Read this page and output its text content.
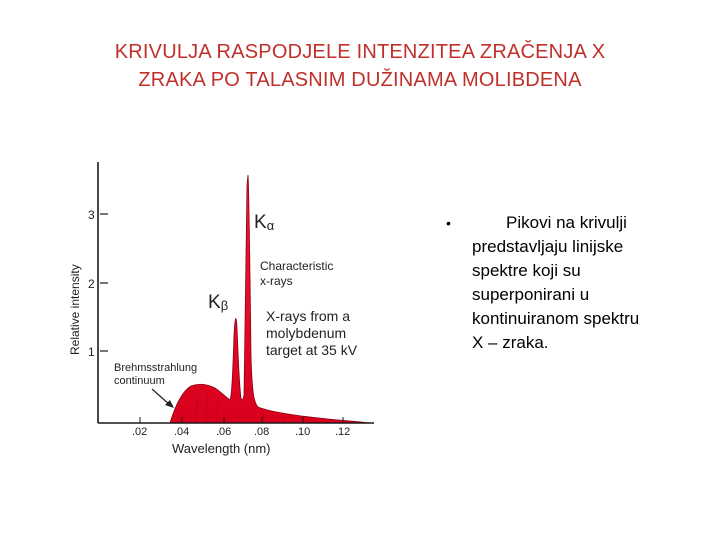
KRIVULJA RASPODJELE INTENZITEA ZRAČENJA X
ZRAKA PO TALASNIM DUŽINAMA MOLIBDENA
1
2
3
.02 .04 .06 .08 .10 .12
Relative intensity
Wavelength (nm)
Kα
Characteristic
x-rays
Kβ
X-rays from a
molybdenum
target at 35 kV
Brehmsstrahlung
continuum
•	Pikovi na krivulji
predstavljaju linijske
spektre koji su
superponirani u
kontinuiranom spektru
X – zraka.
